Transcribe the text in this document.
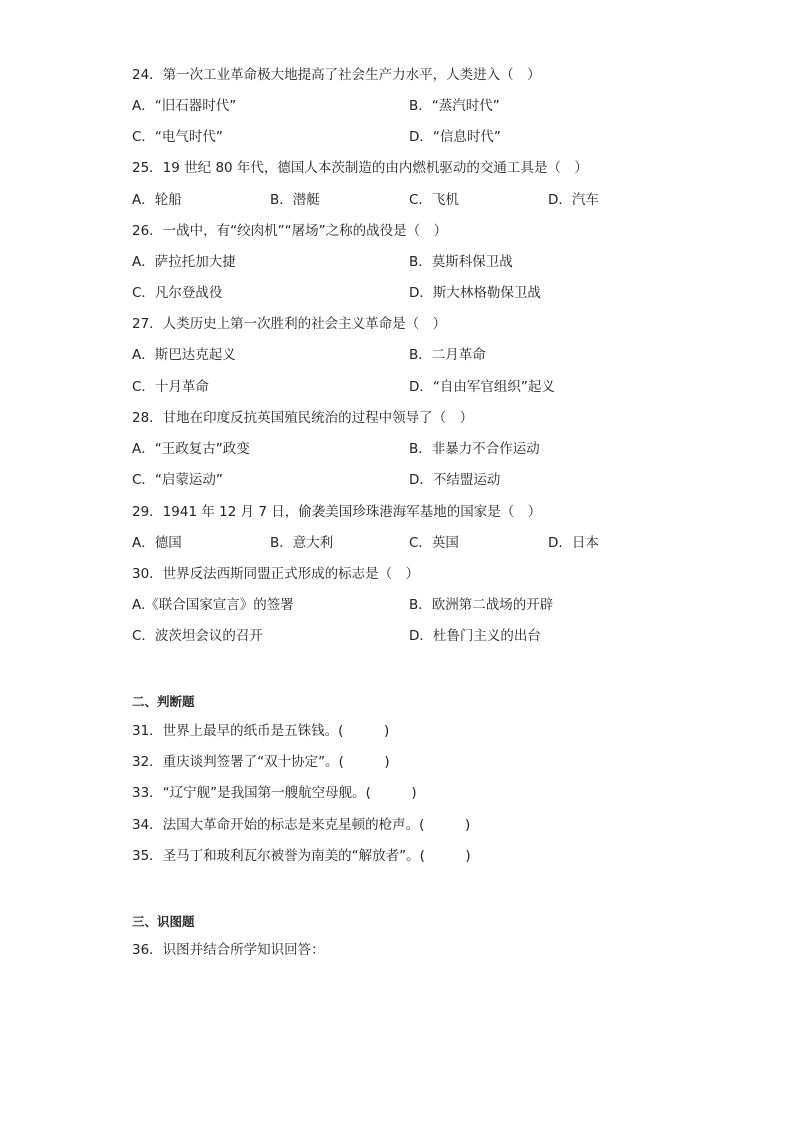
24．第一次工业革命极大地提高了社会生产力水平，人类进入（　）
A．“旧石器时代”	B．“蒸汽时代”
C．“电气时代”	D．“信息时代”
25．19 世纪 80 年代，德国人本茨制造的由内燃机驱动的交通工具是（　）
A．轮船	B．潜艇	C．飞机	D．汽车
26．一战中，有“绞肉机”“屠场”之称的战役是（　）
A．萨拉托加大捷	B．莫斯科保卫战
C．凡尔登战役	D．斯大林格勒保卫战
27．人类历史上第一次胜利的社会主义革命是（　）
A．斯巴达克起义	B．二月革命
C．十月革命	D．“自由军官组织”起义
28．甘地在印度反抗英国殖民统治的过程中领导了（　）
A．“王政复古”政变	B．非暴力不合作运动
C．“启蒙运动”	D．不结盟运动
29．1941 年 12 月 7 日，偷袭美国珍珠港海军基地的国家是（　）
A．德国	B．意大利	C．英国	D．日本
30．世界反法西斯同盟正式形成的标志是（　）
A.《联合国家宣言》的签署	B．欧洲第二战场的开辟
C．波茨坦会议的召开	D．杜鲁门主义的出台
二、判断题
31．世界上最早的纸币是五铢钱。(　　　)
32．重庆谈判签署了“双十协定”。(　　　)
33．“辽宁舰”是我国第一艘航空母舰。(　　　)
34．法国大革命开始的标志是来克星顿的枪声。(　　　)
35．圣马丁和玻利瓦尔被誉为南美的“解放者”。(　　　)
三、识图题
36．识图并结合所学知识回答：
